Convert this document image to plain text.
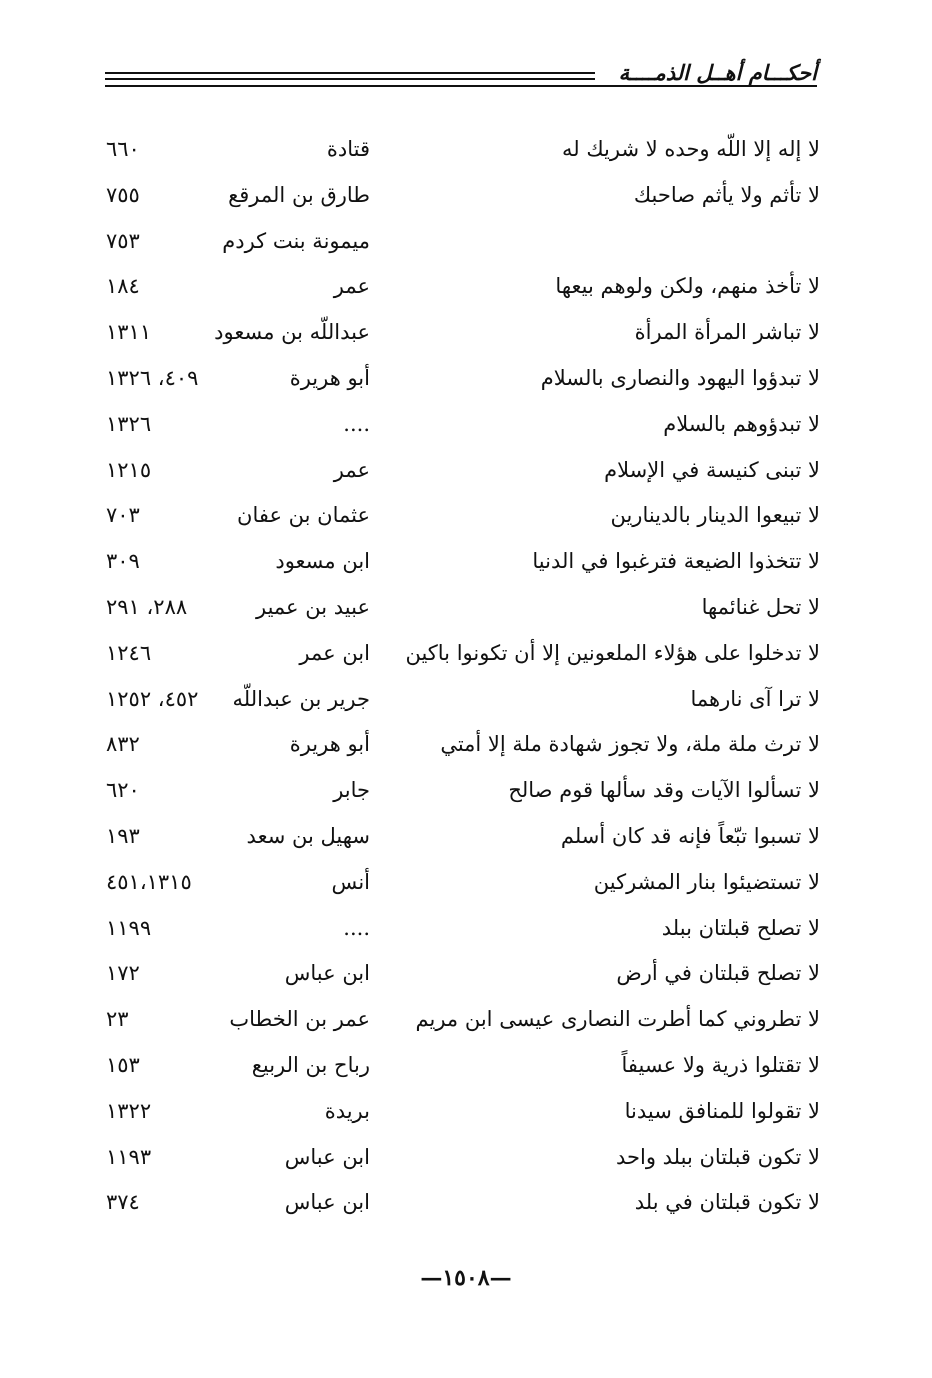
أحكـــام أهــل الذمــــة
لا إله إلا اللّه وحده لا شريك له
قتادة
٦٦٠
لا تأثم ولا يأثم صاحبك
طارق بن المرقع
٧٥٥
ميمونة بنت كردم
٧٥٣
لا تأخذ منهم، ولكن ولوهم بيعها
عمر
١٨٤
لا تباشر المرأة المرأة
عبداللّه بن مسعود
١٣١١
لا تبدؤوا اليهود والنصارى بالسلام
أبو هريرة
٤٠٩، ١٣٢٦
لا تبدؤوهم بالسلام
....
١٣٢٦
لا تبنى كنيسة في الإسلام
عمر
١٢١٥
لا تبيعوا الدينار بالدينارين
عثمان بن عفان
٧٠٣
لا تتخذوا الضيعة فترغبوا في الدنيا
ابن مسعود
٣٠٩
لا تحل غنائمها
عبيد بن عمير
٢٨٨، ٢٩١
لا تدخلوا على هؤلاء الملعونين إلا أن تكونوا باكين
ابن عمر
١٢٤٦
لا ترا آى نارهما
جرير بن عبداللّه
٤٥٢، ١٢٥٢
لا ترث ملة ملة، ولا تجوز شهادة ملة إلا أمتي
أبو هريرة
٨٣٢
لا تسألوا الآيات وقد سألها قوم صالح
جابر
٦٢٠
لا تسبوا تبّعاً فإنه قد كان أسلم
سهيل بن سعد
١٩٣
لا تستضيئوا بنار المشركين
أنس
٤٥١،١٣١٥
لا تصلح قبلتان ببلد
....
١١٩٩
لا تصلح قبلتان في أرض
ابن عباس
١٧٢
لا تطروني كما أطرت النصارى عيسى ابن مريم
عمر بن الخطاب
٢٣
لا تقتلوا ذرية ولا عسيفاً
رباح بن الربيع
١٥٣
لا تقولوا للمنافق سيدنا
بريدة
١٣٢٢
لا تكون قبلتان ببلد واحد
ابن عباس
١١٩٣
لا تكون قبلتان في بلد
ابن عباس
٣٧٤
—١٥٠٨—
